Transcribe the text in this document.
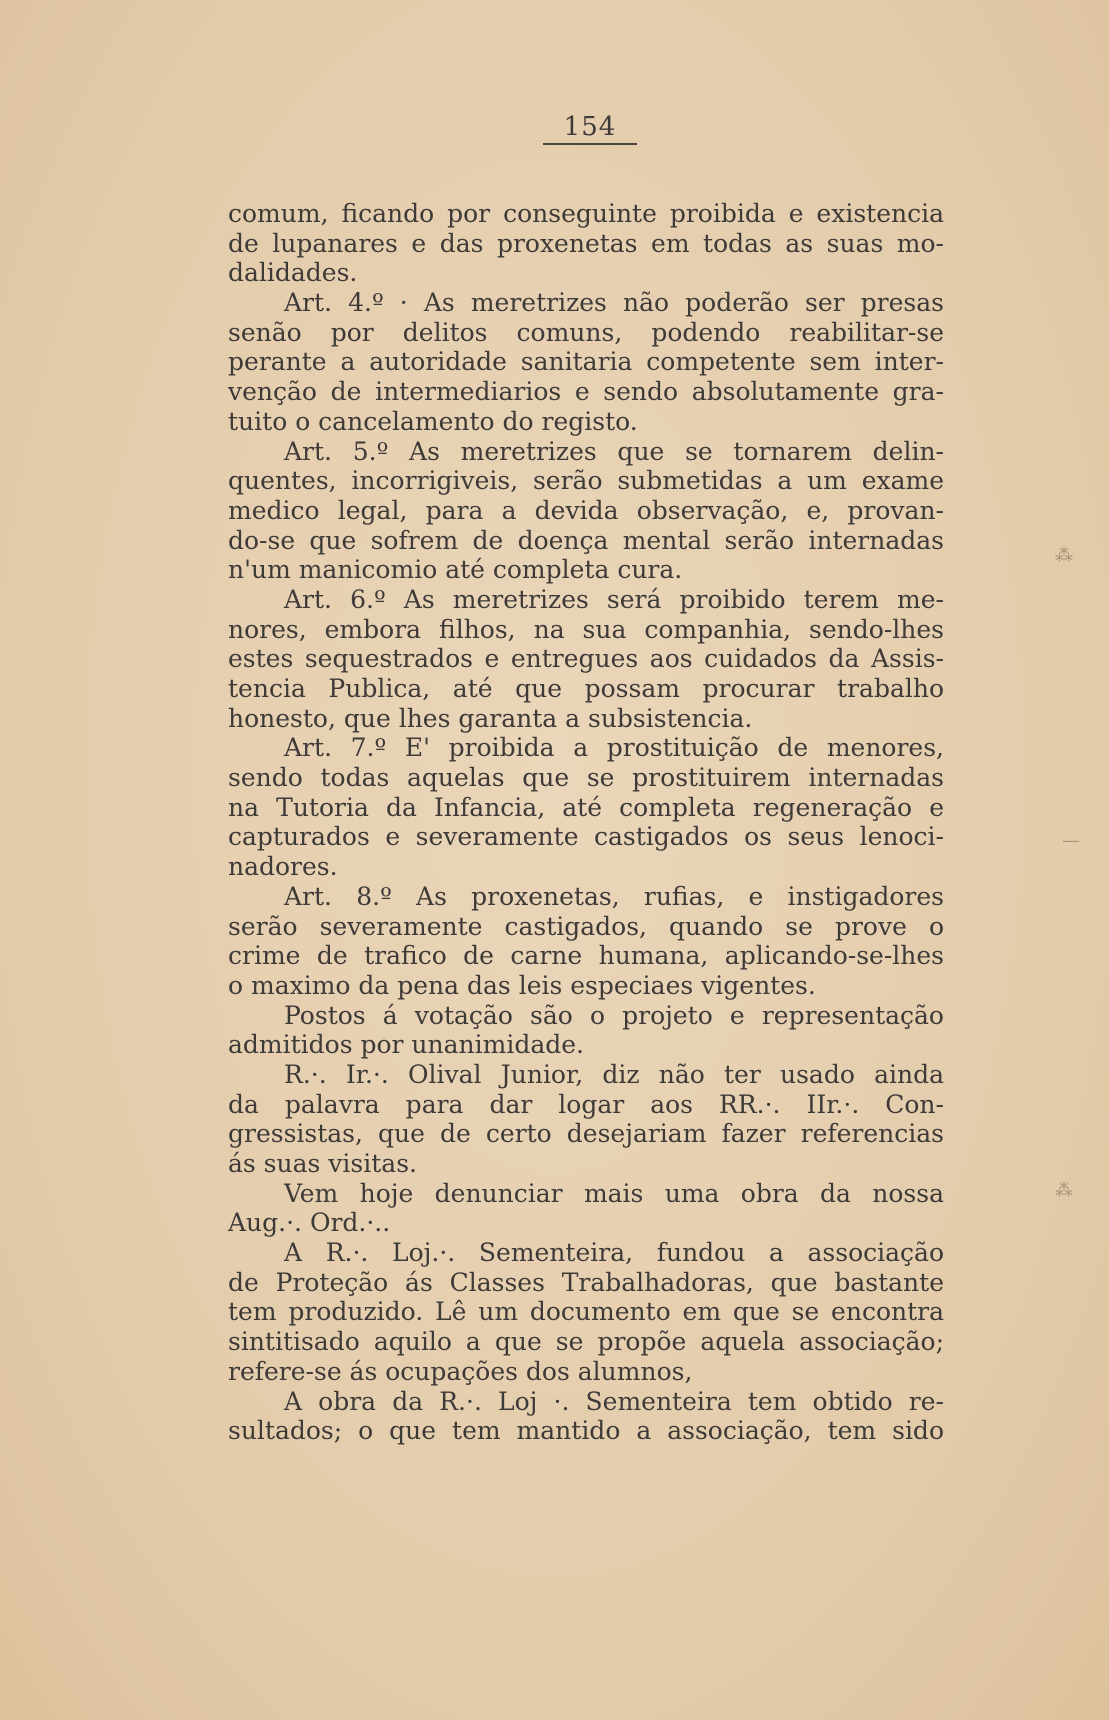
154
comum, ficando por conseguinte proibida e existencia
de lupanares e das proxenetas em todas as suas mo-
dalidades.
Art. 4.º · As meretrizes não poderão ser presas
senão por delitos comuns, podendo reabilitar-se
perante a autoridade sanitaria competente sem inter-
venção de intermediarios e sendo absolutamente gra-
tuito o cancelamento do registo.
Art. 5.º As meretrizes que se tornarem delin-
quentes, incorrigiveis, serão submetidas a um exame
medico legal, para a devida observação, e, provan-
do-se que sofrem de doença mental serão internadas
n'um manicomio até completa cura.
Art. 6.º As meretrizes será proibido terem me-
nores, embora filhos, na sua companhia, sendo-lhes
estes sequestrados e entregues aos cuidados da Assis-
tencia Publica, até que possam procurar trabalho
honesto, que lhes garanta a subsistencia.
Art. 7.º E' proibida a prostituição de menores,
sendo todas aquelas que se prostituirem internadas
na Tutoria da Infancia, até completa regeneração e
capturados e severamente castigados os seus lenoci-
nadores.
Art. 8.º As proxenetas, rufias, e instigadores
serão severamente castigados, quando se prove o
crime de trafico de carne humana, aplicando-se-lhes
o maximo da pena das leis especiaes vigentes.
Postos á votação são o projeto e representação
admitidos por unanimidade.
R.·. Ir.·. Olival Junior, diz não ter usado ainda
da palavra para dar logar aos RR.·. IIr.·. Con-
gressistas, que de certo desejariam fazer referencias
ás suas visitas.
Vem hoje denunciar mais uma obra da nossa
Aug.·. Ord.·..
A R.·. Loj.·. Sementeira, fundou a associação
de Proteção ás Classes Trabalhadoras, que bastante
tem produzido. Lê um documento em que se encontra
sintitisado aquilo a que se propõe aquela associação;
refere-se ás ocupações dos alumnos,
A obra da R.·. Loj ·. Sementeira tem obtido re-
sultados; o que tem mantido a associação, tem sido
⁂
—
⁂
